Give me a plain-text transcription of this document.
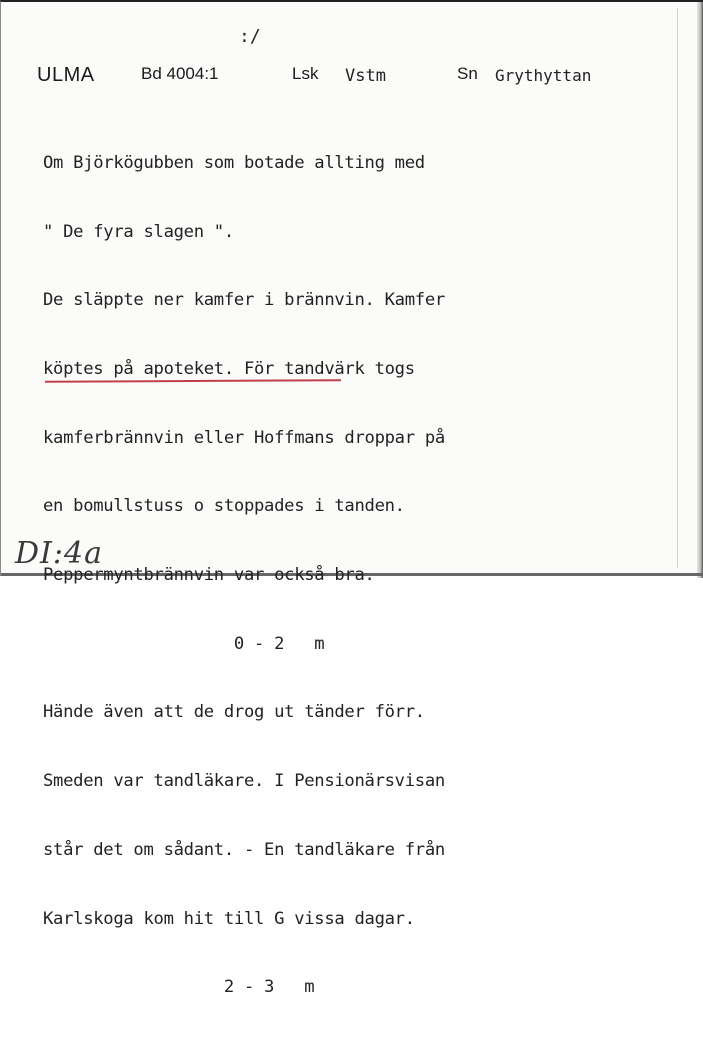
:/
ULMA	Bd 4004:1	Lsk Vstm	Sn Grythyttan

Om Björkögubben som botade allting med

" De fyra slagen ".

De släppte ner kamfer i brännvin. Kamfer

köptes på apoteket. För tandvärk togs

kamferbrännvin eller Hoffmans droppar på

en bomullstuss o stoppades i tanden.

Peppermyntbrännvin var också bra.

0 - 2   m

Hände även att de drog ut tänder förr.

Smeden var tandläkare. I Pensionärsvisan

står det om sådant. - En tandläkare från

Karlskoga kom hit till G vissa dagar.

2 - 3   m

DI:4a
